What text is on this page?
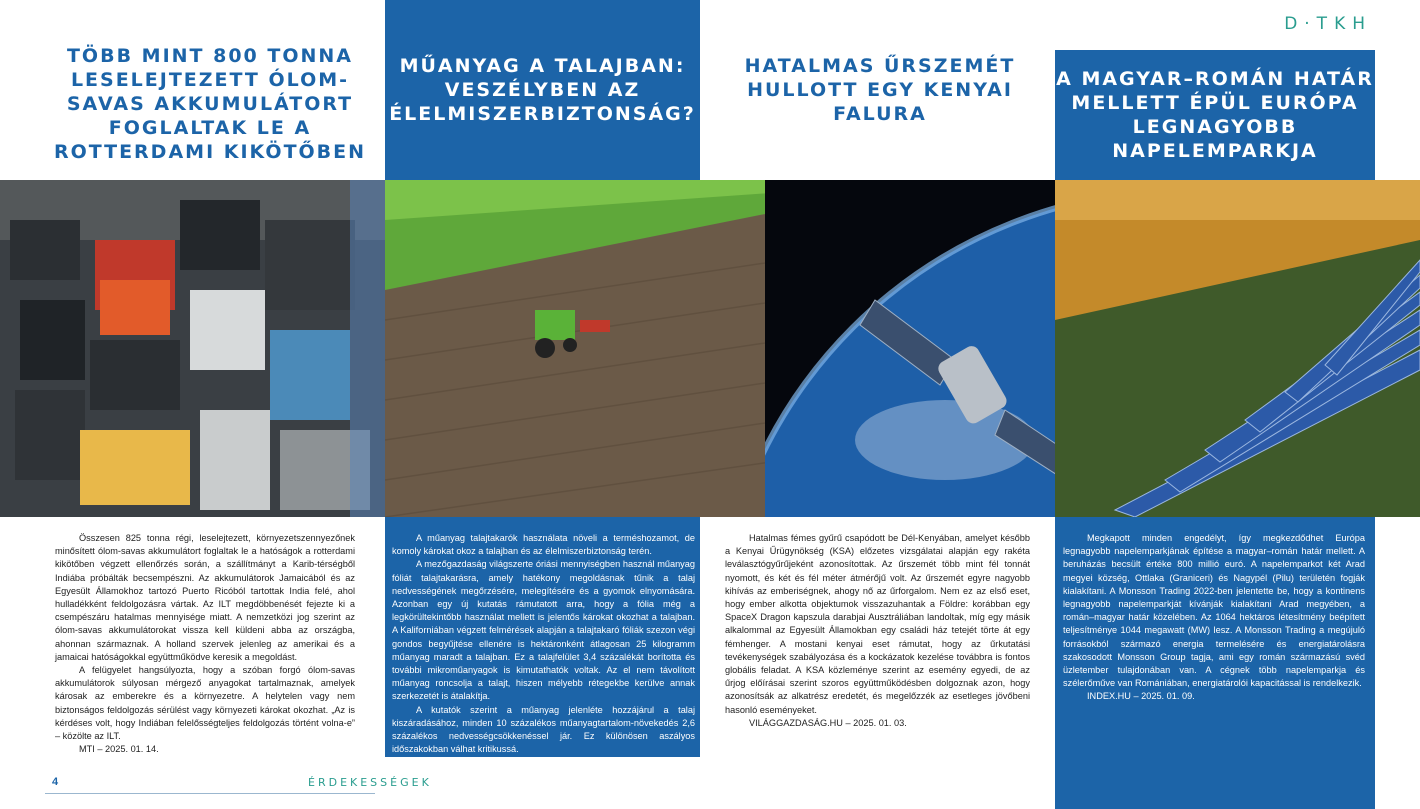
D·TKH
TÖBB MINT 800 TONNA LESELEJTEZETT ÓLOM-SAVAS AKKUMULÁTORT FOGLALTAK LE A ROTTERDAMI KIKÖTŐBEN
MŰANYAG A TALAJBAN: VESZÉLYBEN AZ ÉLELMISZERBIZTONSÁG?
HATALMAS ŰRSZEMÉT HULLOTT EGY KENYAI FALURA
A MAGYAR–ROMÁN HATÁR MELLETT ÉPÜL EURÓPA LEGNAGYOBB NAPELEMPARKJA

Összesen 825 tonna régi, leselejtezett, környezetszennyezőnek minősített ólom-savas akkumulátort foglaltak le a hatóságok a rotterdami kikötőben végzett ellenőrzés során, a szállítmányt a Karib-térségből Indiába próbálták becsempészni. Az akkumulátorok Jamaicából és az Egyesült Államokhoz tartozó Puerto Ricóból tartottak India felé, ahol hulladékként feldolgozásra vártak. Az ILT megdöbbenését fejezte ki a csempészáru hatalmas mennyisége miatt. A nemzetközi jog szerint az ólom-savas akkumulátorokat vissza kell küldeni abba az országba, ahonnan származnak. A holland szervek jelenleg az amerikai és a jamaicai hatóságokkal együttműködve keresik a megoldást.

A felügyelet hangsúlyozta, hogy a szóban forgó ólom-savas akkumulátorok súlyosan mérgező anyagokat tartalmaznak, amelyek károsak az emberekre és a környezetre. A helytelen vagy nem biztonságos feldolgozás sérülést vagy környezeti károkat okozhat. „Az is kérdéses volt, hogy Indiában felelősségteljes feldolgozás történt volna-e” – közölte az ILT.

MTI – 2025. 01. 14.

A műanyag talajtakarók használata növeli a terméshozamot, de komoly károkat okoz a talajban és az élelmiszerbiztonság terén.

A mezőgazdaság világszerte óriási mennyiségben használ műanyag fóliát talajtakarásra, amely hatékony megoldásnak tűnik a talaj nedvességének megőrzésére, melegítésére és a gyomok elnyomására. Azonban egy új kutatás rámutatott arra, hogy a fólia még a legkörültekintőbb használat mellett is jelentős károkat okozhat a talajban. A Kaliforniában végzett felmérések alapján a talajtakaró fóliák szezon végi gondos begyűjtése ellenére is hektáronként átlagosan 25 kilogramm műanyag maradt a talajban. Ez a talajfelület 3,4 százalékát borította és további mikroműanyagok is kimutathatók voltak. Az el nem távolított műanyag roncsolja a talajt, hiszen mélyebb rétegekbe kerülve annak szerkezetét is átalakítja.

A kutatók szerint a műanyag jelenléte hozzájárul a talaj kiszáradásához, minden 10 százalékos műanyagtartalom-növekedés 2,6 százalékos nedvességcsökkenéssel jár. Ez különösen aszályos időszakokban válhat kritikussá.

AGROINFORM.HU – 2025. 01. 25.

Hatalmas fémes gyűrű csapódott be Dél-Kenyában, amelyet később a Kenyai Űrügynökség (KSA) előzetes vizsgálatai alapján egy rakéta leválasztógyűrűjeként azonosítottak. Az űrszemét több mint fél tonnát nyomott, és két és fél méter átmérőjű volt. Az űrszemét egyre nagyobb kihívás az emberiségnek, ahogy nő az űrforgalom. Nem ez az első eset, hogy ember alkotta objektumok visszazuhantak a Földre: korábban egy SpaceX Dragon kapszula darabjai Ausztráliában landoltak, míg egy másik alkalommal az Egyesült Államokban egy családi ház tetejét törte át egy fémhenger. A mostani kenyai eset rámutat, hogy az űrkutatási tevékenységek szabályozása és a kockázatok kezelése továbbra is fontos globális feladat. A KSA közleménye szerint az esemény egyedi, de az űrjog előírásai szerint szoros együttműködésben dolgoznak azon, hogy azonosítsák az alkatrész eredetét, és megelőzzék az esetleges jövőbeni hasonló eseményeket.

VILÁGGAZDASÁG.HU – 2025. 01. 03.

Megkapott minden engedélyt, így megkezdődhet Európa legnagyobb napelemparkjának építése a magyar–román határ mellett. A beruházás becsült értéke 800 millió euró. A napelemparkot két Arad megyei község, Ottlaka (Graniceri) és Nagypél (Pilu) területén fogják kialakítani. A Monsson Trading 2022-ben jelentette be, hogy a kontinens legnagyobb napelemparkját kívánják kialakítani Arad megyében, a román–magyar határ közelében. Az 1064 hektáros létesítmény beépített teljesítménye 1044 megawatt (MW) lesz. A Monsson Trading a megújuló forrásokból származó energia termelésére és energiatárolásra szakosodott Monsson Group tagja, ami egy román származású svéd üzletember tulajdonában van. A cégnek több napelemparkja és szélerőműve van Romániában, energiatárolói kapacitással is rendelkezik.

INDEX.HU – 2025. 01. 09.
4	ÉRDEKESSÉGEK
